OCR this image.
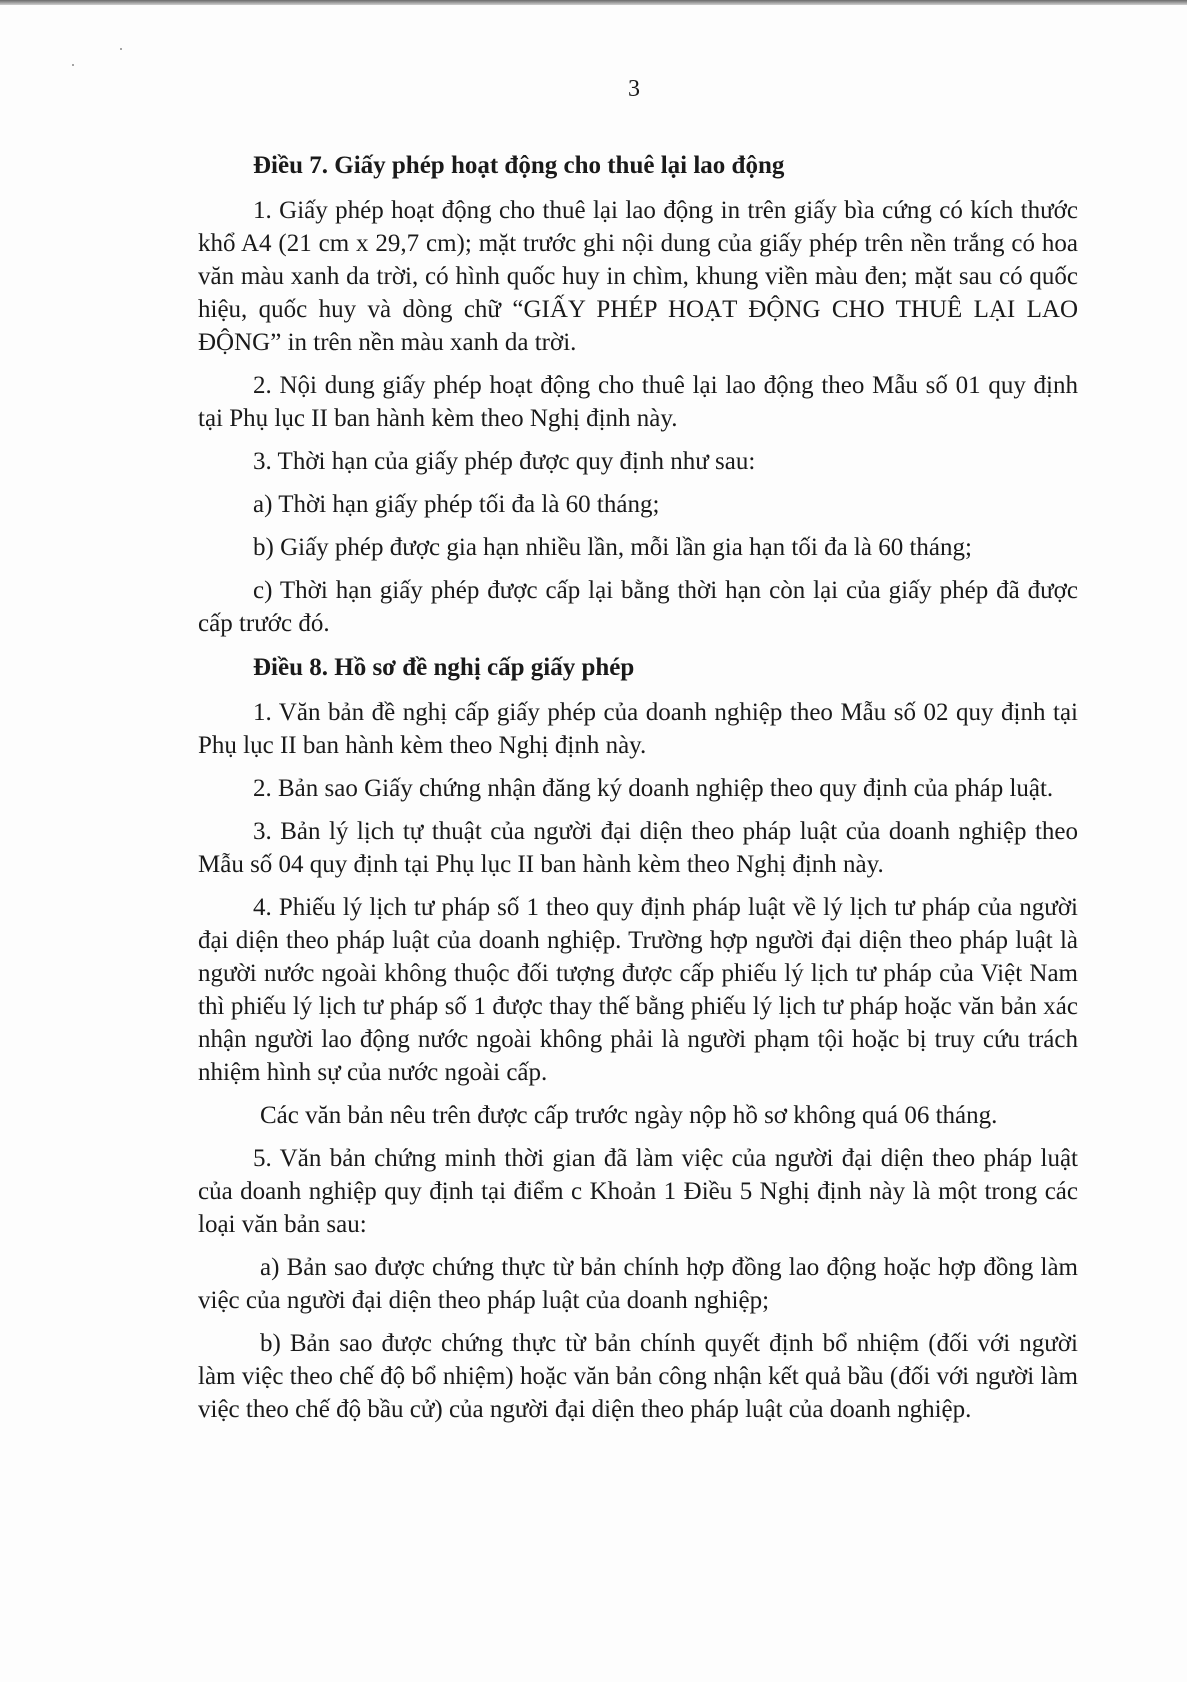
3

Điều 7. Giấy phép hoạt động cho thuê lại lao động

1. Giấy phép hoạt động cho thuê lại lao động in trên giấy bìa cứng có kích thước khổ A4 (21 cm x 29,7 cm); mặt trước ghi nội dung của giấy phép trên nền trắng có hoa văn màu xanh da trời, có hình quốc huy in chìm, khung viền màu đen; mặt sau có quốc hiệu, quốc huy và dòng chữ “GIẤY PHÉP HOẠT ĐỘNG CHO THUÊ LẠI LAO ĐỘNG” in trên nền màu xanh da trời.

2. Nội dung giấy phép hoạt động cho thuê lại lao động theo Mẫu số 01 quy định tại Phụ lục II ban hành kèm theo Nghị định này.

3. Thời hạn của giấy phép được quy định như sau:

a) Thời hạn giấy phép tối đa là 60 tháng;

b) Giấy phép được gia hạn nhiều lần, mỗi lần gia hạn tối đa là 60 tháng;

c) Thời hạn giấy phép được cấp lại bằng thời hạn còn lại của giấy phép đã được cấp trước đó.

Điều 8. Hồ sơ đề nghị cấp giấy phép

1. Văn bản đề nghị cấp giấy phép của doanh nghiệp theo Mẫu số 02 quy định tại Phụ lục II ban hành kèm theo Nghị định này.

2. Bản sao Giấy chứng nhận đăng ký doanh nghiệp theo quy định của pháp luật.

3. Bản lý lịch tự thuật của người đại diện theo pháp luật của doanh nghiệp theo Mẫu số 04 quy định tại Phụ lục II ban hành kèm theo Nghị định này.

4. Phiếu lý lịch tư pháp số 1 theo quy định pháp luật về lý lịch tư pháp của người đại diện theo pháp luật của doanh nghiệp. Trường hợp người đại diện theo pháp luật là người nước ngoài không thuộc đối tượng được cấp phiếu lý lịch tư pháp của Việt Nam thì phiếu lý lịch tư pháp số 1 được thay thế bằng phiếu lý lịch tư pháp hoặc văn bản xác nhận người lao động nước ngoài không phải là người phạm tội hoặc bị truy cứu trách nhiệm hình sự của nước ngoài cấp.

Các văn bản nêu trên được cấp trước ngày nộp hồ sơ không quá 06 tháng.

5. Văn bản chứng minh thời gian đã làm việc của người đại diện theo pháp luật của doanh nghiệp quy định tại điểm c Khoản 1 Điều 5 Nghị định này là một trong các loại văn bản sau:

a) Bản sao được chứng thực từ bản chính hợp đồng lao động hoặc hợp đồng làm việc của người đại diện theo pháp luật của doanh nghiệp;

b) Bản sao được chứng thực từ bản chính quyết định bổ nhiệm (đối với người làm việc theo chế độ bổ nhiệm) hoặc văn bản công nhận kết quả bầu (đối với người làm việc theo chế độ bầu cử) của người đại diện theo pháp luật của doanh nghiệp.
